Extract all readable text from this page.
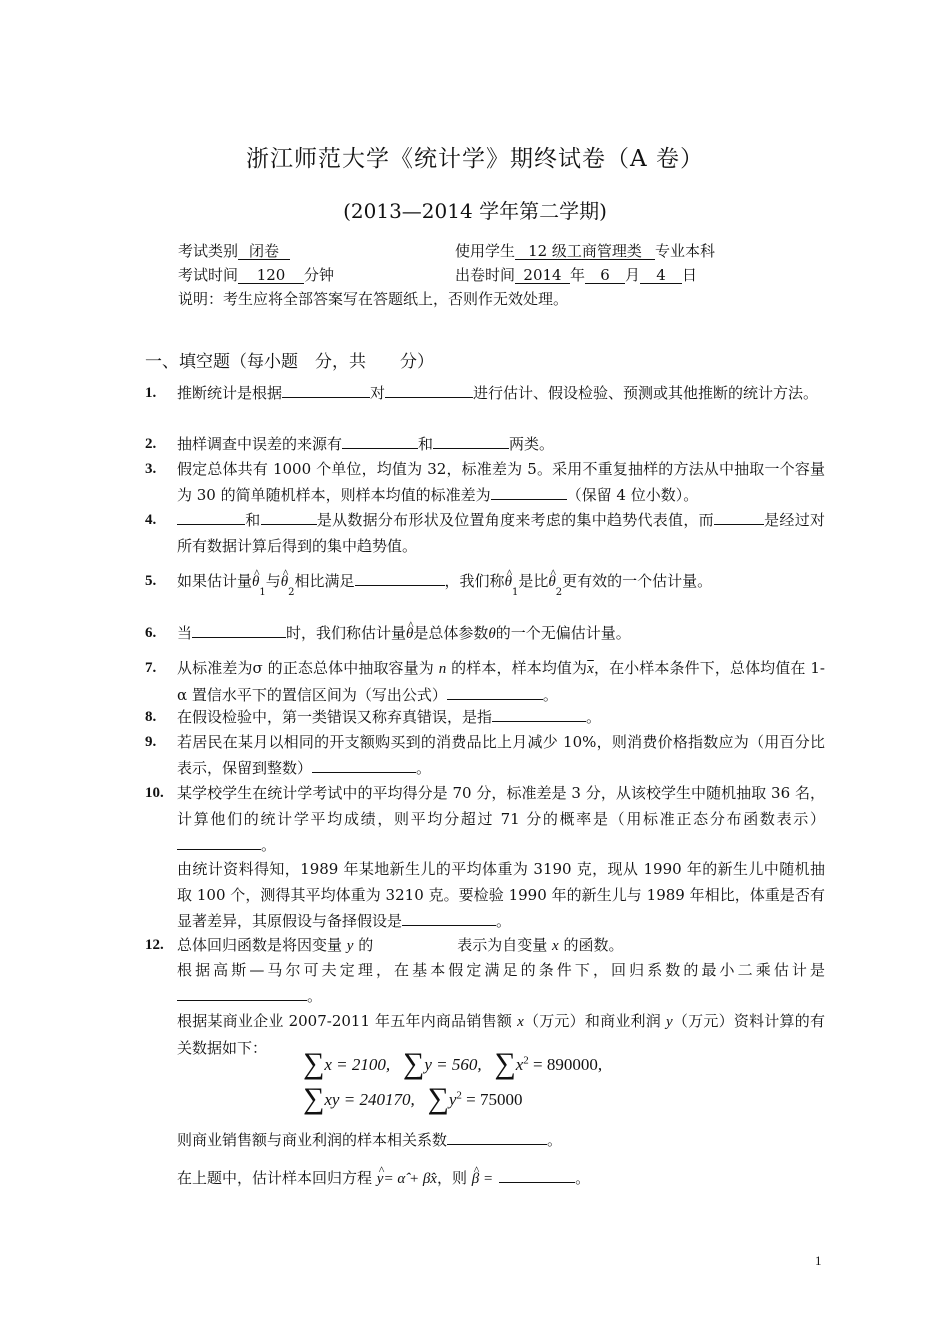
浙江师范大学《统计学》期终试卷（A 卷）
(2013—2014 学年第二学期)
考试类别 闭卷	使用学生 12 级工商管理类 专业本科
考试时间 120 分钟	出卷时间 2014 年 6 月 4 日
说明：考生应将全部答案写在答题纸上，否则作无效处理。
一、填空题（每小题　分，共　　分）
1. 推断统计是根据	对	进行估计、假设检验、预测或其他推断的统计方法。
2. 抽样调查中误差的来源有	和	两类。
3. 假定总体共有 1000 个单位，均值为 32，标准差为 5。采用不重复抽样的方法从中抽取一个容量为 30 的简单随机样本，则样本均值的标准差为	（保留 4 位小数）。
4.	和	是从数据分布形状及位置角度来考虑的集中趋势代表值，而	是经过对所有数据计算后得到的集中趋势值。
5. 如果估计量^ $\theta_1$与^ $\theta_2$相比满足	，我们称^ $\theta_1$是比^ $\theta_2$更有效的一个估计量。
6. 当	时，我们称估计量^ θ是总体参数θ的一个无偏估计量。
7. 从标准差为σ 的正态总体中抽取容量为 n 的样本，样本均值为$\overline{x}$，在小样本条件下，总体均值在 1-α 置信水平下的置信区间为（写出公式）	。
8. 在假设检验中，第一类错误又称弃真错误，是指	。
9. 若居民在某月以相同的开支额购买到的消费品比上月减少 10%，则消费价格指数应为（用百分比表示，保留到整数）	。
10. 某学校学生在统计学考试中的平均得分是 70 分，标准差是 3 分，从该校学生中随机抽取 36 名，计算他们的统计学平均成绩，则平均分超过 71 分的概率是（用标准正态分布函数表示）。
由统计资料得知，1989 年某地新生儿的平均体重为 3190 克，现从 1990 年的新生儿中随机抽取 100 个，测得其平均体重为 3210 克。要检验 1990 年的新生儿与 1989 年相比，体重是否有显著差异，其原假设与备择假设是	。
12. 总体回归函数是将因变量 y 的	表示为自变量 x 的函数。
根据高斯—马尔可夫定理，在基本假定满足的条件下，回归系数的最小二乘估计是。
根据某商业企业 2007-2011 年五年内商品销售额 x（万元）和商业利润 y（万元）资料计算的有关数据如下：	∑x = 2100, ∑y = 560, $\sum x^2 = 890000$,
∑xy = 240170, $\sum y^2 = 75000$
则商业销售额与商业利润的样本相关系数	。
在上题中，估计样本回归方程 ^ y= α̂ + β̂x，则 ^ β =	。
1
